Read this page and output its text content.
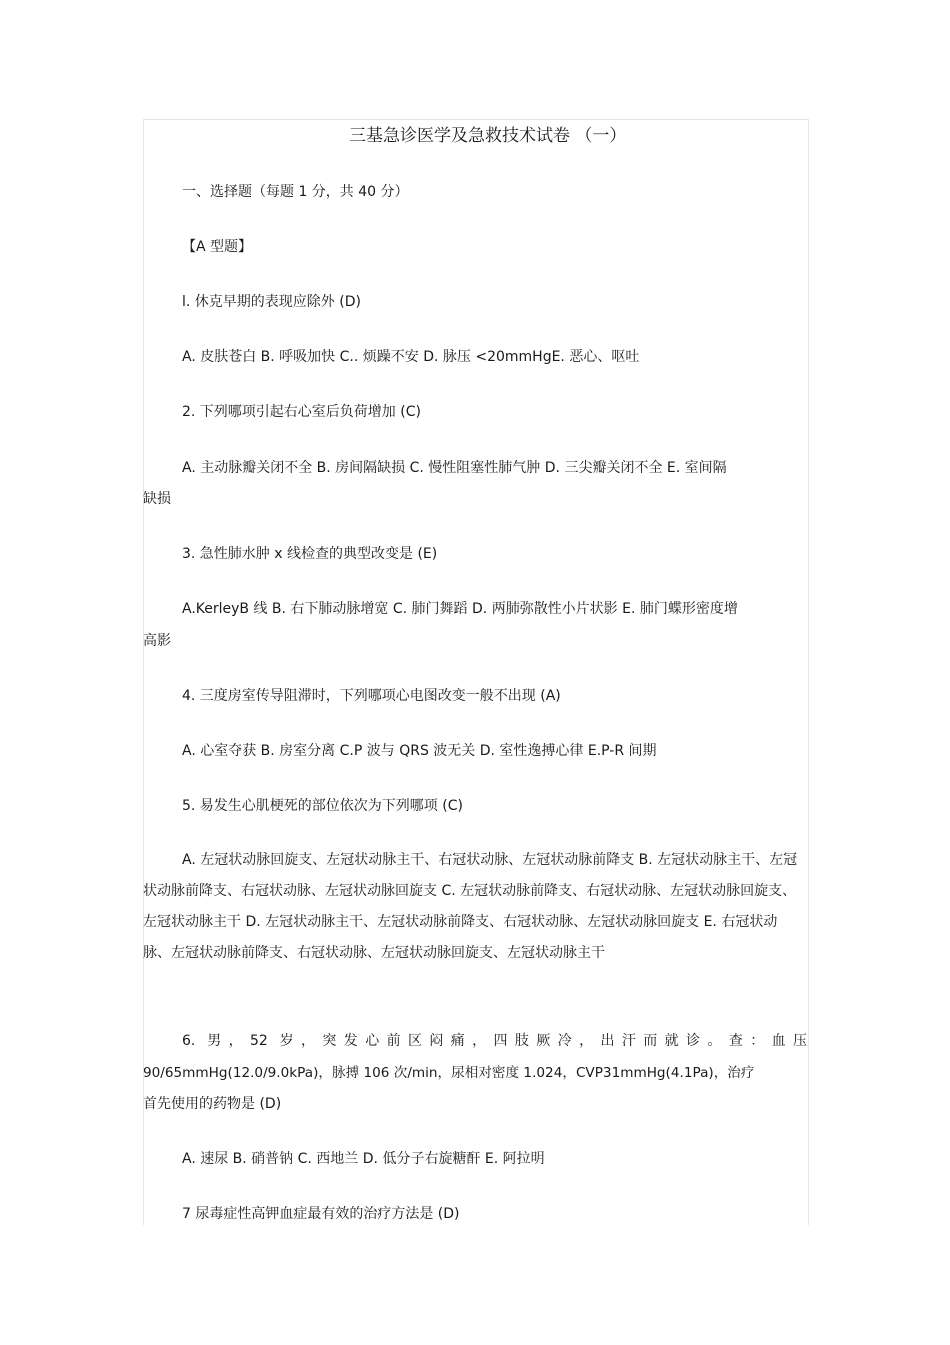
三基急诊医学及急救技术试卷 （一）
一、选择题（每题 1 分，共 40 分）
【A 型题】
l. 休克早期的表现应除外 (D)
A. 皮肤苍白 B. 呼吸加快 C.. 烦躁不安 D. 脉压 <20mmHgE. 恶心、呕吐
2. 下列哪项引起右心室后负荷增加 (C)
A. 主动脉瓣关闭不全 B. 房间隔缺损 C. 慢性阻塞性肺气肿 D. 三尖瓣关闭不全 E. 室间隔
缺损
3. 急性肺水肿 x 线检查的典型改变是 (E)
A.KerleyB 线 B. 右下肺动脉增宽 C. 肺门舞蹈 D. 两肺弥散性小片状影 E. 肺门蝶形密度增
高影
4. 三度房室传导阻滞时，下列哪项心电图改变一般不出现 (A)
A. 心室夺获 B. 房室分离 C.P 波与 QRS 波无关 D. 室性逸搏心律 E.P-R 间期
5. 易发生心肌梗死的部位依次为下列哪项 (C)
A. 左冠状动脉回旋支、左冠状动脉主干、右冠状动脉、左冠状动脉前降支 B. 左冠状动脉主干、左冠状动脉前降支、右冠状动脉、左冠状动脉回旋支 C. 左冠状动脉前降支、右冠状动脉、左冠状动脉回旋支、左冠状动脉主干 D. 左冠状动脉主干、左冠状动脉前降支、右冠状动脉、左冠状动脉回旋支 E. 右冠状动脉、左冠状动脉前降支、右冠状动脉、左冠状动脉回旋支、左冠状动脉主干
6. 男，52 岁，突发心前区闷痛，四肢厥冷，出汗而就诊。查：血压
90/65mmHg(12.0/9.0kPa)，脉搏 106 次/min，尿相对密度 1.024，CVP31mmHg(4.1Pa)，治疗
首先使用的药物是 (D)
A. 速尿 B. 硝普钠 C. 西地兰 D. 低分子右旋糖酐 E. 阿拉明
7 尿毒症性高钾血症最有效的治疗方法是 (D)
